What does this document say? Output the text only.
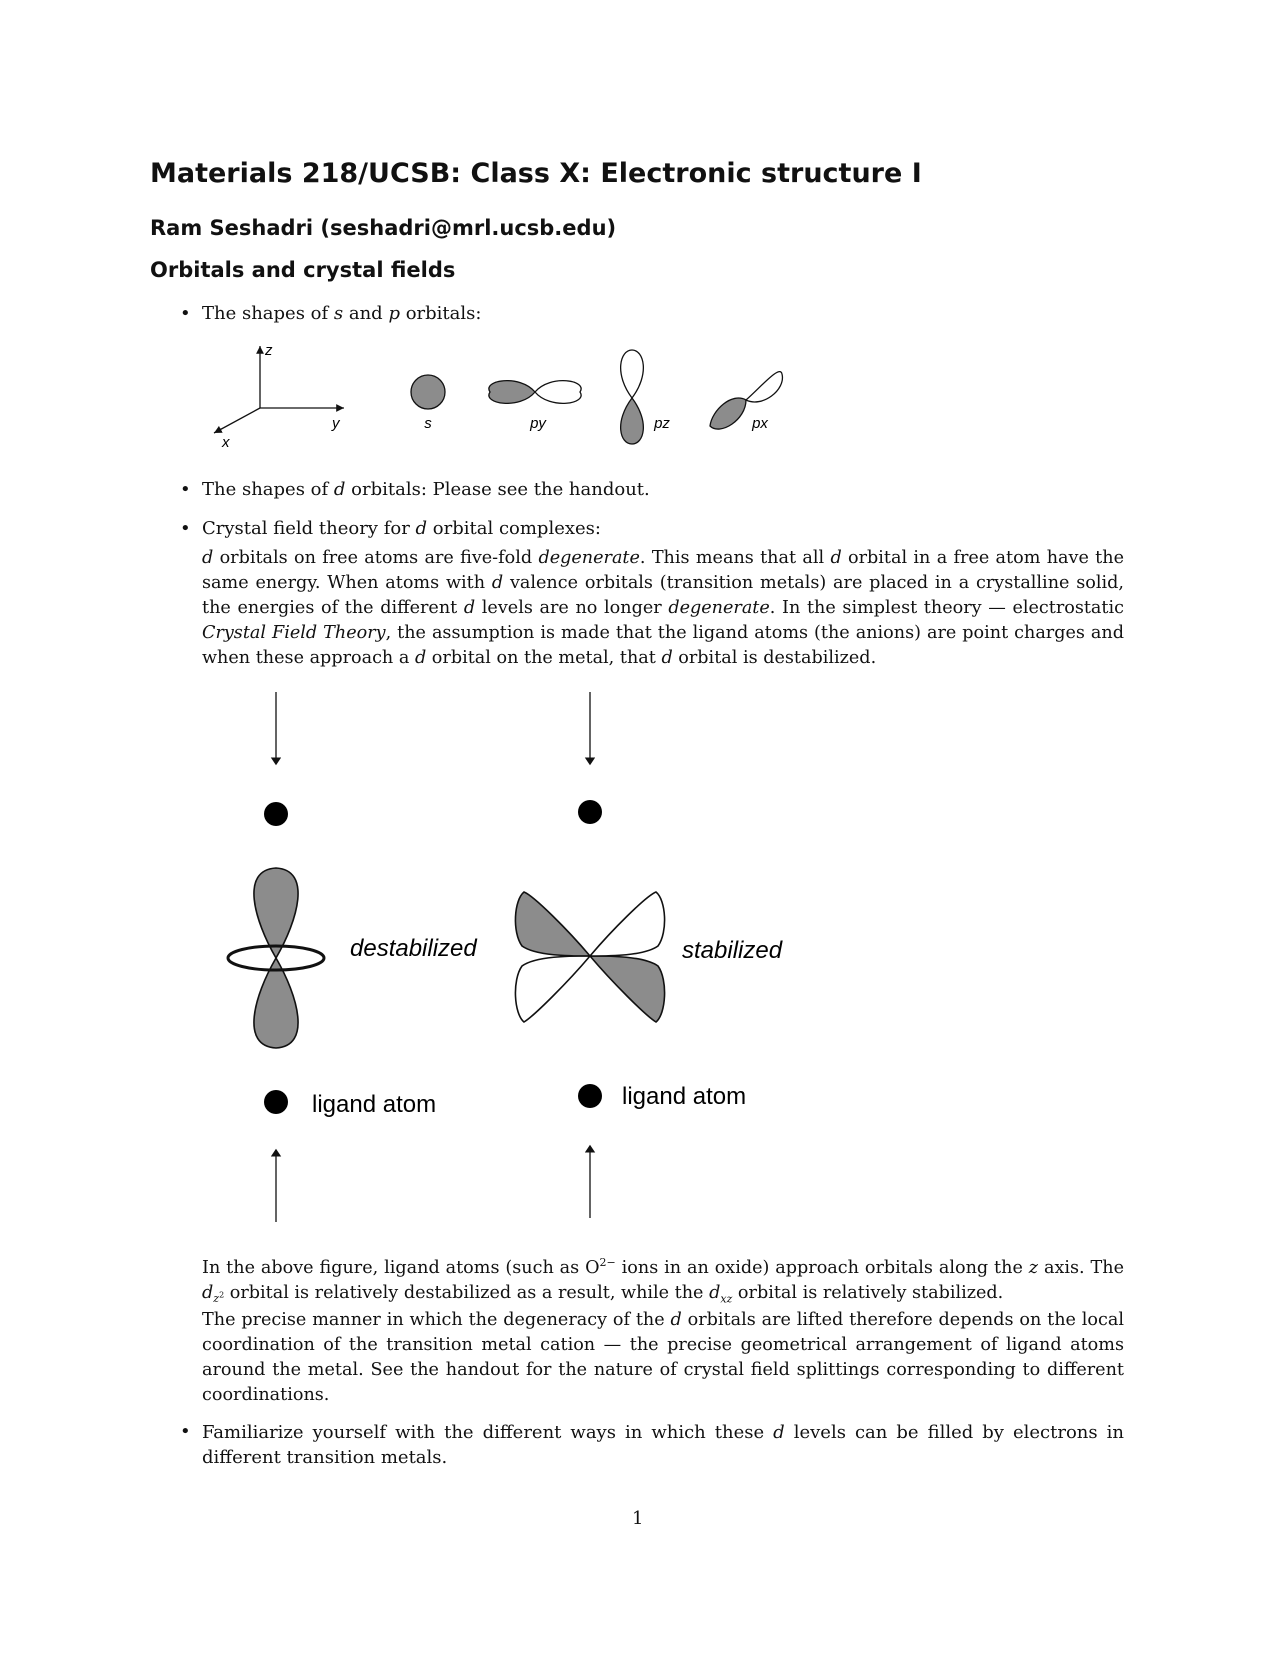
Materials 218/UCSB: Class X: Electronic structure I
Ram Seshadri (seshadri@mrl.ucsb.edu)
Orbitals and crystal fields
• The shapes of s and p orbitals:
z
y
x
s	py	pz	px
• The shapes of d orbitals: Please see the handout.
• Crystal field theory for d orbital complexes:
d orbitals on free atoms are five-fold degenerate. This means that all d orbital in a free atom have the same energy. When atoms with d valence orbitals (transition metals) are placed in a crystalline solid, the energies of the different d levels are no longer degenerate. In the simplest theory — electrostatic Crystal Field Theory, the assumption is made that the ligand atoms (the anions) are point charges and when these approach a d orbital on the metal, that d orbital is destabilized.
destabilized
ligand atom
stabilized
ligand atom
In the above figure, ligand atoms (such as $O^{2-}$ ions in an oxide) approach orbitals along the z axis. The $d_{z^2}$ orbital is relatively destabilized as a result, while the $d_{xz}$ orbital is relatively stabilized.
The precise manner in which the degeneracy of the d orbitals are lifted therefore depends on the local coordination of the transition metal cation — the precise geometrical arrangement of ligand atoms around the metal. See the handout for the nature of crystal field splittings corresponding to different coordinations.
• Familiarize yourself with the different ways in which these d levels can be filled by electrons in different transition metals.
1
